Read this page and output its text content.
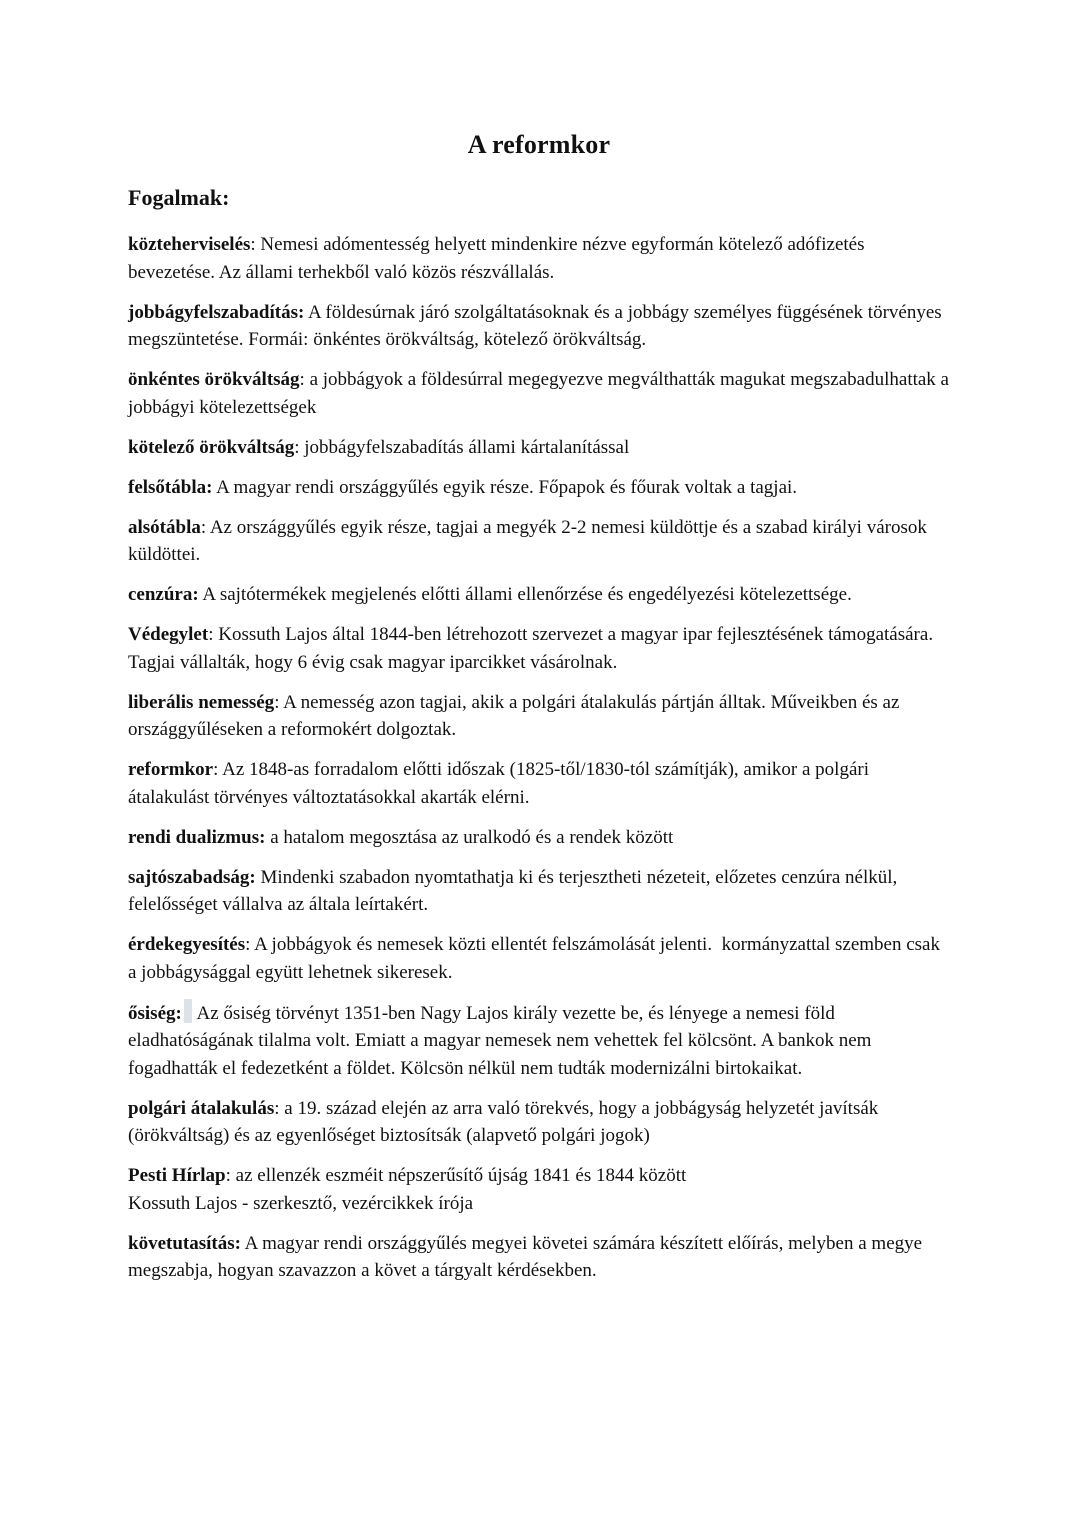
A reformkor
Fogalmak:

közteherviselés: Nemesi adómentesség helyett mindenkire nézve egyformán kötelező adófizetés bevezetése. Az állami terhekből való közös részvállalás.

jobbágyfelszabadítás: A földesúrnak járó szolgáltatásoknak és a jobbágy személyes függésének törvényes megszüntetése. Formái: önkéntes örökváltság, kötelező örökváltság.

önkéntes örökváltság: a jobbágyok a földesúrral megegyezve megválthatták magukat megszabadulhattak a jobbágyi kötelezettségek

kötelező örökváltság: jobbágyfelszabadítás állami kártalanítással

felsőtábla: A magyar rendi országgyűlés egyik része. Főpapok és főurak voltak a tagjai.

alsótábla: Az országgyűlés egyik része, tagjai a megyék 2-2 nemesi küldöttje és a szabad királyi városok küldöttei.

cenzúra: A sajtótermékek megjelenés előtti állami ellenőrzése és engedélyezési kötelezettsége.

Védegylet: Kossuth Lajos által 1844-ben létrehozott szervezet a magyar ipar fejlesztésének támogatására. Tagjai vállalták, hogy 6 évig csak magyar iparcikket vásárolnak.

liberális nemesség: A nemesség azon tagjai, akik a polgári átalakulás pártján álltak. Műveikben és az országgyűléseken a reformokért dolgoztak.

reformkor: Az 1848-as forradalom előtti időszak (1825-től/1830-tól számítják), amikor a polgári átalakulást törvényes változtatásokkal akarták elérni.

rendi dualizmus: a hatalom megosztása az uralkodó és a rendek között

sajtószabadság: Mindenki szabadon nyomtathatja ki és terjesztheti nézeteit, előzetes cenzúra nélkül, felelősséget vállalva az általa leírtakért.

érdekegyesítés: A jobbágyok és nemesek közti ellentét felszámolását jelenti.  kormányzattal szemben csak a jobbágysággal együtt lehetnek sikeresek.

ősiség: Az ősiség törvényt 1351-ben Nagy Lajos király vezette be, és lényege a nemesi föld eladhatóságának tilalma volt. Emiatt a magyar nemesek nem vehettek fel kölcsönt. A bankok nem fogadhatták el fedezetként a földet. Kölcsön nélkül nem tudták modernizálni birtokaikat.

polgári átalakulás: a 19. század elején az arra való törekvés, hogy a jobbágyság helyzetét javítsák (örökváltság) és az egyenlőséget biztosítsák (alapvető polgári jogok)

Pesti Hírlap: az ellenzék eszméit népszerűsítő újság 1841 és 1844 között
Kossuth Lajos - szerkesztő, vezércikkek írója

követutasítás: A magyar rendi országgyűlés megyei követei számára készített előírás, melyben a megye megszabja, hogyan szavazzon a követ a tárgyalt kérdésekben.
